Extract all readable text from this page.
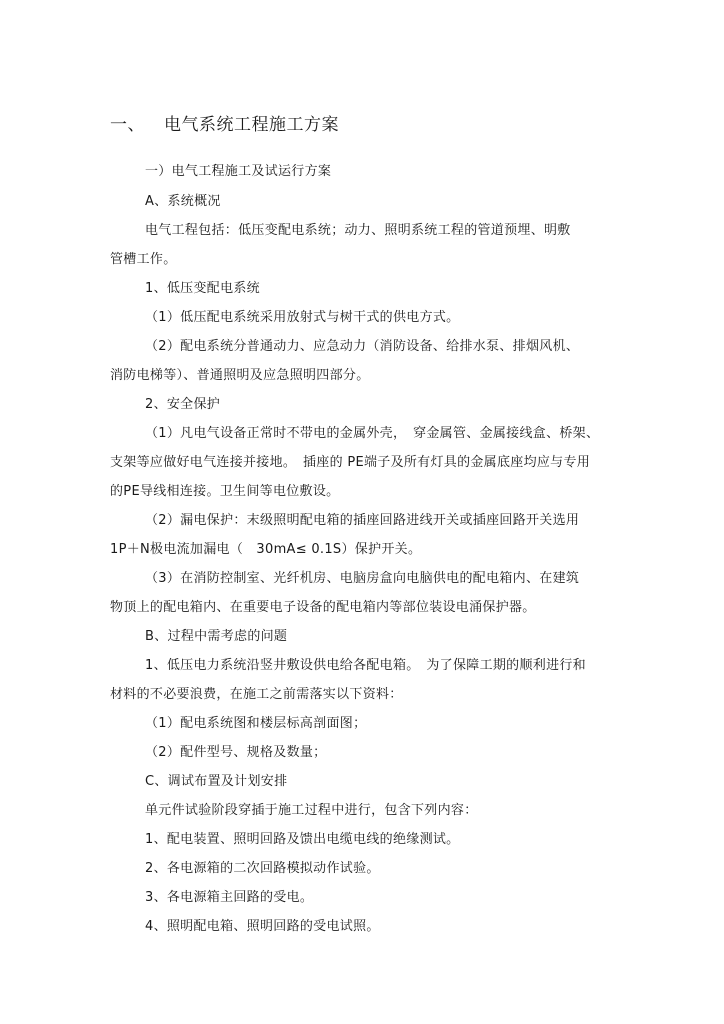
一、 电气系统工程施工方案
一）电气工程施工及试运行方案
A、系统概况
电气工程包括：低压变配电系统；动力、照明系统工程的管道预埋、明敷
管槽工作。
1、低压变配电系统
（1）低压配电系统采用放射式与树干式的供电方式。
（2）配电系统分普通动力、应急动力（消防设备、给排水泵、排烟风机、
消防电梯等）、普通照明及应急照明四部分。
2、安全保护
（1）凡电气设备正常时不带电的金属外壳，　穿金属管、金属接线盒、桥架、
支架等应做好电气连接并接地。　插座的 PE端子及所有灯具的金属底座均应与专用
的PE导线相连接。卫生间等电位敷设。
（2）漏电保护：末级照明配电箱的插座回路进线开关或插座回路开关选用
1P＋N极电流加漏电（　30mA≤ 0.1S）保护开关。
（3）在消防控制室、光纤机房、电脑房盒向电脑供电的配电箱内、在建筑
物顶上的配电箱内、在重要电子设备的配电箱内等部位装设电涌保护器。
B、过程中需考虑的问题
1、低压电力系统沿竖井敷设供电给各配电箱。　为了保障工期的顺利进行和
材料的不必要浪费，在施工之前需落实以下资料：
（1）配电系统图和楼层标高剖面图；
（2）配件型号、规格及数量；
C、调试布置及计划安排
单元件试验阶段穿插于施工过程中进行，包含下列内容：
1、配电装置、照明回路及馈出电缆电线的绝缘测试。
2、各电源箱的二次回路模拟动作试验。
3、各电源箱主回路的受电。
4、照明配电箱、照明回路的受电试照。
